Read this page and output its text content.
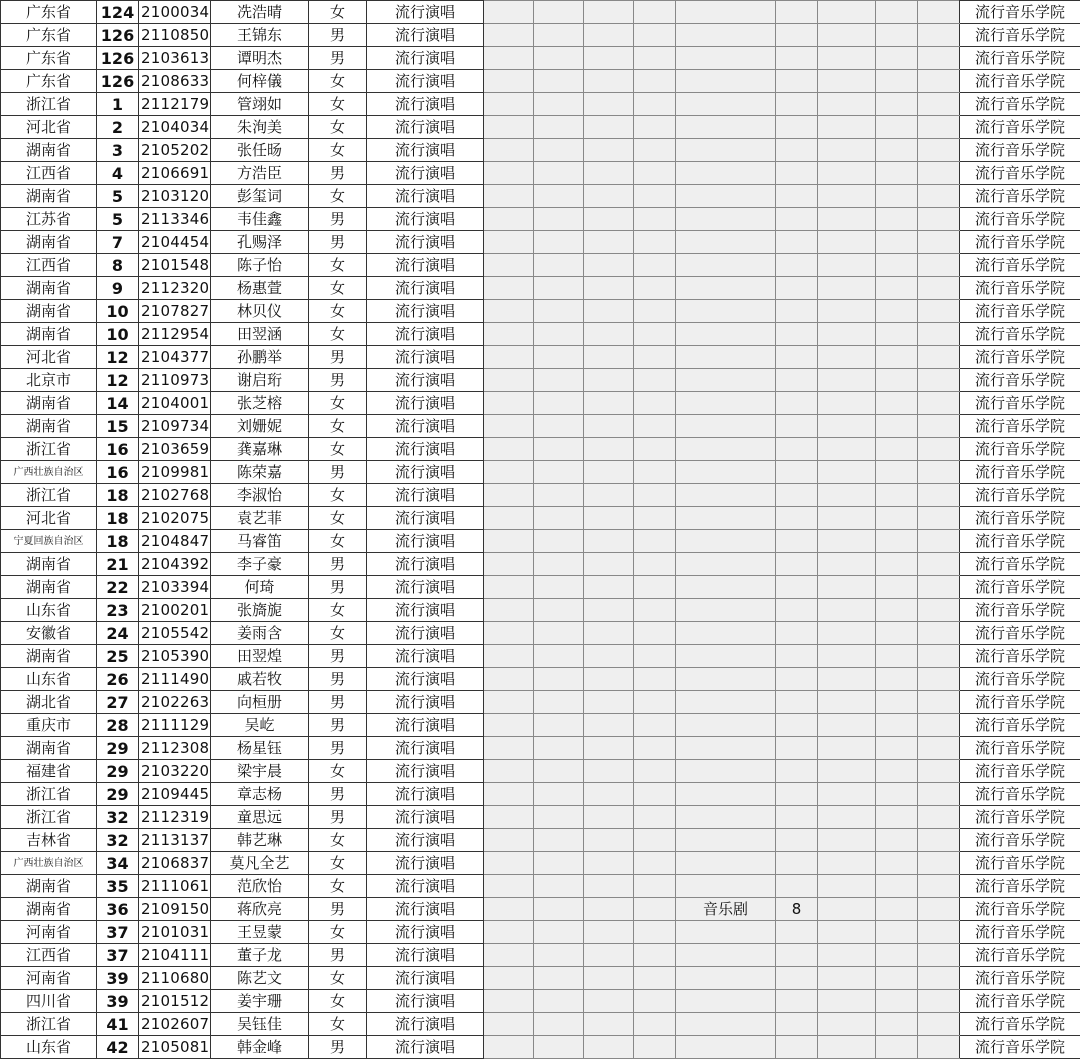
广东省	124	2100034	冼浩晴	女	流行演唱										流行音乐学院
广东省	126	2110850	王锦东	男	流行演唱										流行音乐学院
广东省	126	2103613	谭明杰	男	流行演唱										流行音乐学院
广东省	126	2108633	何梓儀	女	流行演唱										流行音乐学院
浙江省	1	2112179	管翊如	女	流行演唱										流行音乐学院
河北省	2	2104034	朱洵美	女	流行演唱										流行音乐学院
湖南省	3	2105202	张任旸	女	流行演唱										流行音乐学院
江西省	4	2106691	方浩臣	男	流行演唱										流行音乐学院
湖南省	5	2103120	彭玺词	女	流行演唱										流行音乐学院
江苏省	5	2113346	韦佳鑫	男	流行演唱										流行音乐学院
湖南省	7	2104454	孔赐泽	男	流行演唱										流行音乐学院
江西省	8	2101548	陈子怡	女	流行演唱										流行音乐学院
湖南省	9	2112320	杨惠萱	女	流行演唱										流行音乐学院
湖南省	10	2107827	林贝仪	女	流行演唱										流行音乐学院
湖南省	10	2112954	田翌涵	女	流行演唱										流行音乐学院
河北省	12	2104377	孙鹏举	男	流行演唱										流行音乐学院
北京市	12	2110973	谢启珩	男	流行演唱										流行音乐学院
湖南省	14	2104001	张芝榕	女	流行演唱										流行音乐学院
湖南省	15	2109734	刘姗妮	女	流行演唱										流行音乐学院
浙江省	16	2103659	龚嘉琳	女	流行演唱										流行音乐学院
广西壮族自治区	16	2109981	陈荣嘉	男	流行演唱										流行音乐学院
浙江省	18	2102768	李淑怡	女	流行演唱										流行音乐学院
河北省	18	2102075	袁艺菲	女	流行演唱										流行音乐学院
宁夏回族自治区	18	2104847	马睿笛	女	流行演唱										流行音乐学院
湖南省	21	2104392	李子豪	男	流行演唱										流行音乐学院
湖南省	22	2103394	何琦	男	流行演唱										流行音乐学院
山东省	23	2100201	张旖旎	女	流行演唱										流行音乐学院
安徽省	24	2105542	姜雨含	女	流行演唱										流行音乐学院
湖南省	25	2105390	田翌煌	男	流行演唱										流行音乐学院
山东省	26	2111490	戚若牧	男	流行演唱										流行音乐学院
湖北省	27	2102263	向桓册	男	流行演唱										流行音乐学院
重庆市	28	2111129	吴屹	男	流行演唱										流行音乐学院
湖南省	29	2112308	杨星钰	男	流行演唱										流行音乐学院
福建省	29	2103220	梁宇晨	女	流行演唱										流行音乐学院
浙江省	29	2109445	章志杨	男	流行演唱										流行音乐学院
浙江省	32	2112319	童思远	男	流行演唱										流行音乐学院
吉林省	32	2113137	韩艺琳	女	流行演唱										流行音乐学院
广西壮族自治区	34	2106837	莫凡全艺	女	流行演唱										流行音乐学院
湖南省	35	2111061	范欣怡	女	流行演唱										流行音乐学院
湖南省	36	2109150	蒋欣亮	男	流行演唱					音乐剧	8				流行音乐学院
河南省	37	2101031	王昱蒙	女	流行演唱										流行音乐学院
江西省	37	2104111	董子龙	男	流行演唱										流行音乐学院
河南省	39	2110680	陈艺文	女	流行演唱										流行音乐学院
四川省	39	2101512	姜宇珊	女	流行演唱										流行音乐学院
浙江省	41	2102607	吴钰佳	女	流行演唱										流行音乐学院
山东省	42	2105081	韩金峰	男	流行演唱										流行音乐学院
